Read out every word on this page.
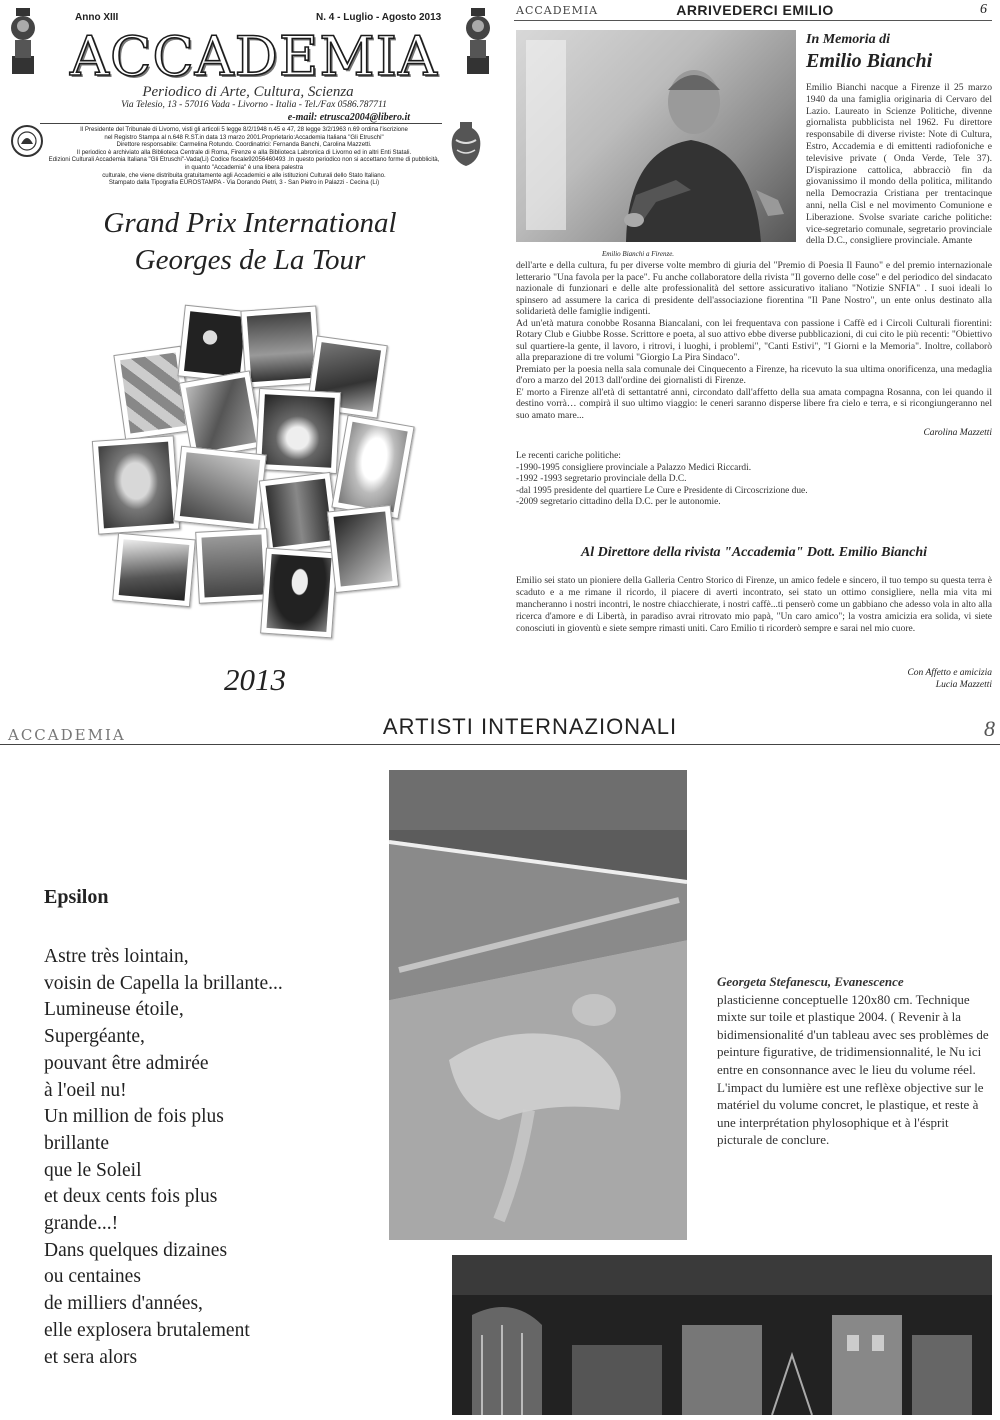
Anno XIII	N. 4 - Luglio - Agosto 2013
ACCADEMIA
Periodico di Arte, Cultura, Scienza
Via Telesio, 13 - 57016 Vada - Livorno - Italia - Tel./Fax 0586.787711
e-mail: etrusca2004@libero.it

Il Presidente del Tribunale di Livorno, visti gli articoli 5 legge 8/2/1948 n.45 e 47, 28 legge 3/2/1963 n.69 ordina l'iscrizione

nel Registro Stampa al n.648 R.ST.in data 13 marzo 2001.Proprietario:Accademia Italiana "Gli Etruschi"

Direttore responsabile: Carmelina Rotundo. Coordinatrici: Fernanda Banchi, Carolina Mazzetti.

Il periodico è archiviato alla Biblioteca Centrale di Roma, Firenze e alla Biblioteca Labronica di Livorno ed in altri Enti Statali.

Edizioni Culturali Accademia Italiana "Gli Etruschi"-Vada(Li) Codice fiscale92056460493 .In questo periodico non si accettano forme di pubblicità, in quanto "Accademia" è una libera palestra

culturale, che viene distribuita gratuitamente agli Accademici e alle istituzioni Culturali dello Stato Italiano.

Stampato dalla Tipografia EUROSTAMPA - Via Dorando Pietri, 3 - San Pietro in Palazzi - Cecina (Li)

Grand Prix International
Georges de La Tour
2013
ACCADEMIA	ARRIVEDERCI EMILIO	6
Emilio Bianchi a Firenze.
In Memoria di
Emilio Bianchi
Emilio Bianchi nacque a Firenze il 25 marzo 1940 da una famiglia originaria di Cervaro del Lazio. Laureato in Scienze Politiche, divenne giornalista pubblicista nel 1962. Fu direttore responsabile di diverse riviste: Note di Cultura, Estro, Accademia e di emittenti radiofoniche e televisive private ( Onda Verde, Tele 37). D'ispirazione cattolica, abbracciò fin da giovanissimo il mondo della politica, militando nella Democrazia Cristiana per trentacinque anni, nella Cisl e nel movimento Comunione e Liberazione. Svolse svariate cariche politiche: vice-segretario comunale, segretario provinciale della D.C., consigliere provinciale. Amante

dell'arte e della cultura, fu per diverse volte membro di giuria del "Premio di Poesia Il Fauno" e del premio internazionale letterario "Una favola per la pace". Fu anche collaboratore della rivista "Il governo delle cose" e del periodico del sindacato nazionale di funzionari e delle alte professionalità del settore assicurativo italiano "Notizie SNFIA" . I suoi ideali lo spinsero ad assumere la carica di presidente dell'associazione fiorentina "Il Pane Nostro", un ente onlus destinato alla solidarietà delle famiglie indigenti.

Ad un'età matura conobbe Rosanna Biancalani, con lei frequentava con passione i Caffè ed i Circoli Culturali fiorentini: Rotary Club e Giubbe Rosse. Scrittore e poeta, al suo attivo ebbe diverse pubblicazioni, di cui cito le più recenti: "Obiettivo sul quartiere-la gente, il lavoro, i ritrovi, i luoghi, i problemi", "Canti Estivi", "I Giorni e la Memoria". Inoltre, collaborò alla preparazione di tre volumi "Giorgio La Pira Sindaco".

Premiato per la poesia nella sala comunale dei Cinquecento a Firenze, ha ricevuto la sua ultima onorificenza, una medaglia d'oro a marzo del 2013 dall'ordine dei giornalisti di Firenze.

E' morto a Firenze all'età di settantatré anni, circondato dall'affetto della sua amata compagna Rosanna, con lei quando il destino vorrà… compirà il suo ultimo viaggio: le ceneri saranno disperse libere fra cielo e terra, e si ricongiungeranno nel suo amato mare...

Carolina Mazzetti
Le recenti cariche politiche:
-1990-1995 consigliere provinciale a Palazzo Medici Riccardi.
-1992 -1993 segretario provinciale della D.C.
-dal 1995 presidente del quartiere Le Cure e Presidente di Circoscrizione due.
-2009 segretario cittadino della D.C. per le autonomie.
Al Direttore della rivista "Accademia" Dott. Emilio Bianchi
Emilio sei stato un pioniere della Galleria Centro Storico di Firenze, un amico fedele e sincero, il tuo tempo su questa terra è scaduto e a me rimane il ricordo, il piacere di averti incontrato, sei stato un ottimo consigliere, nella mia vita mi mancheranno i nostri incontri, le nostre chiacchierate, i nostri caffè...ti penserò come un gabbiano che adesso vola in alto alla ricerca d'amore e di Libertà, in paradiso avrai ritrovato mio papà, "Un caro amico"; la vostra amicizia era solida, vi siete conosciuti in gioventù e siete sempre rimasti uniti. Caro Emilio ti ricorderò sempre e sarai nel mio cuore.
Con Affetto e amicizia
Lucia Mazzetti
ACCADEMIA	ARTISTI INTERNAZIONALI	8
Epsilon
Astre très lointain,
voisin de Capella la brillante...
Lumineuse étoile,
Supergéante,
pouvant être admirée
à l'oeil nu!
Un million de fois plus
brillante
que le Soleil
et deux cents fois plus
grande...!
Dans quelques dizaines
ou centaines
de milliers d'années,
elle explosera brutalement
et sera alors
Georgeta Stefanescu, Evanescence
plasticienne conceptuelle 120x80 cm. Technique mixte sur toile et plastique 2004. ( Revenir à la bidimensionalité d'un tableau avec ses problèmes de peinture figurative, de tridimensionnalité, le Nu ici entre en consonnance avec le lieu du volume réel. L'impact du lumière est une reflèxe objective sur le matériel du volume concret, le plastique, et reste à une interprétation phylosophique et à l'ésprit picturale de conclure.
